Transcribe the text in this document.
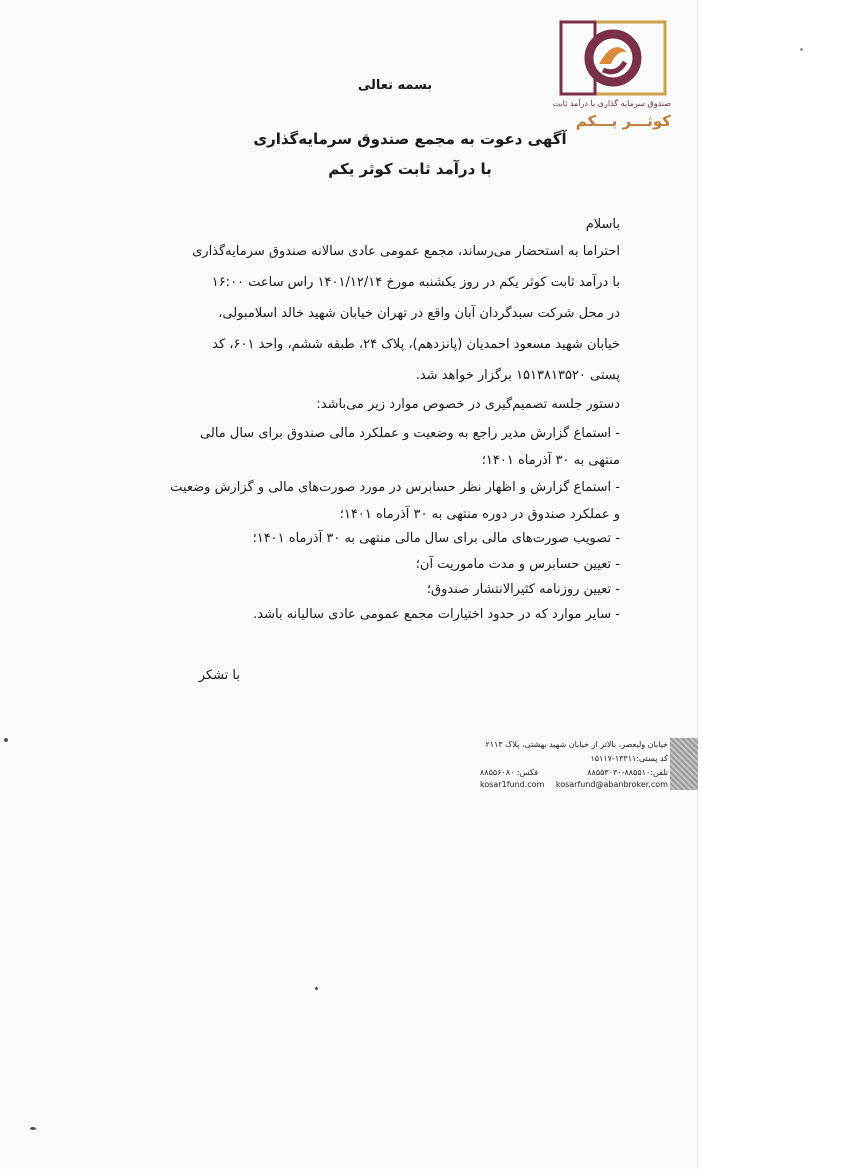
صندوق سرمایه گذاری با درآمد ثابت
کوثـــر یـــکم
بسمه تعالی
آگهی دعوت به مجمع صندوق سرمایه‌گذاری
با درآمد ثابت کوثر یکم
باسلام
احتراما به استحضار می‌رساند، مجمع عمومی عادی سالانه صندوق سرمایه‌گذاری
با درآمد ثابت کوثر یکم در روز یکشنبه مورخ ۱۴۰۱/۱۲/۱۴ راس ساعت ۱۶:۰۰
در محل شرکت سبدگردان آبان واقع در تهران خیابان شهید خالد اسلامبولی،
خیابان شهید مسعود احمدیان (پانزدهم)، پلاک ۲۴، طبقه ششم، واحد ۶۰۱، کد
پستی ۱۵۱۳۸۱۳۵۲۰ برگزار خواهد شد.
دستور جلسه تصمیم‌گیری در خصوص موارد زیر می‌باشد:
- استماع گزارش مدیر راجع به وضعیت و عملکرد مالی صندوق برای سال مالی
منتهی به ۳۰ آذرماه ۱۴۰۱؛
- استماع گزارش و اظهار نظر حسابرس در مورد صورت‌های مالی و گزارش وضعیت
و عملکرد صندوق در دوره منتهی به ۳۰ آذرماه ۱۴۰۱؛
- تصویب صورت‌های مالی برای سال مالی منتهی به ۳۰ آذرماه ۱۴۰۱؛
- تعیین حسابرس و مدت ماموریت آن؛
- تعیین روزنامه کثیرالانتشار صندوق؛
- سایر موارد که در حدود اختیارات مجمع عمومی عادی سالیانه باشد.
با تشکر
خیابان ولیعصر، بالاتر از خیابان شهید بهشتی، پلاک ۲۱۱۳
کد پستی:۱۳۳۱۱-۱۵۱۱۷
تلفن:۸۸۵۵۱۰-۸۸۵۵۳۰۳۰
فکس: ۸۸۵۵۶۰۸۰
kosarfund@abanbroker.com
kosar1fund.com
